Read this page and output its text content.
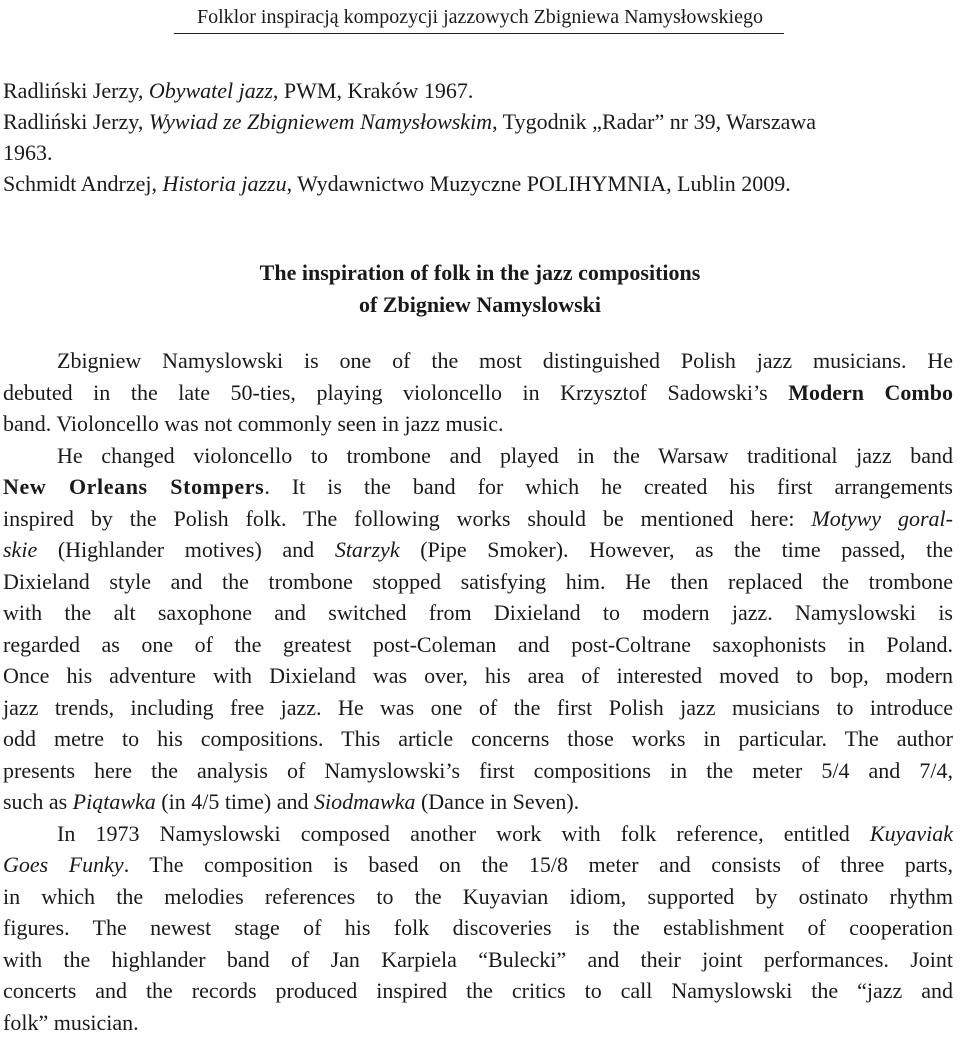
Folklor inspiracją kompozycji jazzowych Zbigniewa Namysłowskiego
Radliński Jerzy, Obywatel jazz, PWM, Kraków 1967.
Radliński Jerzy, Wywiad ze Zbigniewem Namysłowskim, Tygodnik „Radar” nr 39, Warszawa
1963.
Schmidt Andrzej, Historia jazzu, Wydawnictwo Muzyczne POLIHYMNIA, Lublin 2009.
The inspiration of folk in the jazz compositions
of Zbigniew Namyslowski
Zbigniew Namyslowski is one of the most distinguished Polish jazz musicians. He
debuted in the late 50-ties, playing violoncello in Krzysztof Sadowski’s Modern Combo
band. Violoncello was not commonly seen in jazz music.
He changed violoncello to trombone and played in the Warsaw traditional jazz band
New Orleans Stompers. It is the band for which he created his first arrangements
inspired by the Polish folk. The following works should be mentioned here: Motywy goral-
skie (Highlander motives) and Starzyk (Pipe Smoker). However, as the time passed, the
Dixieland style and the trombone stopped satisfying him. He then replaced the trombone
with the alt saxophone and switched from Dixieland to modern jazz. Namyslowski is
regarded as one of the greatest post-Coleman and post-Coltrane saxophonists in Poland.
Once his adventure with Dixieland was over, his area of interested moved to bop, modern
jazz trends, including free jazz. He was one of the first Polish jazz musicians to introduce
odd metre to his compositions. This article concerns those works in particular. The author
presents here the analysis of Namyslowski’s first compositions in the meter 5/4 and 7/4,
such as Piątawka (in 4/5 time) and Siodmawka (Dance in Seven).
In 1973 Namyslowski composed another work with folk reference, entitled Kuyaviak
Goes Funky. The composition is based on the 15/8 meter and consists of three parts,
in which the melodies references to the Kuyavian idiom, supported by ostinato rhythm
figures. The newest stage of his folk discoveries is the establishment of cooperation
with the highlander band of Jan Karpiela “Bulecki” and their joint performances. Joint
concerts and the records produced inspired the critics to call Namyslowski the “jazz and
folk” musician.
